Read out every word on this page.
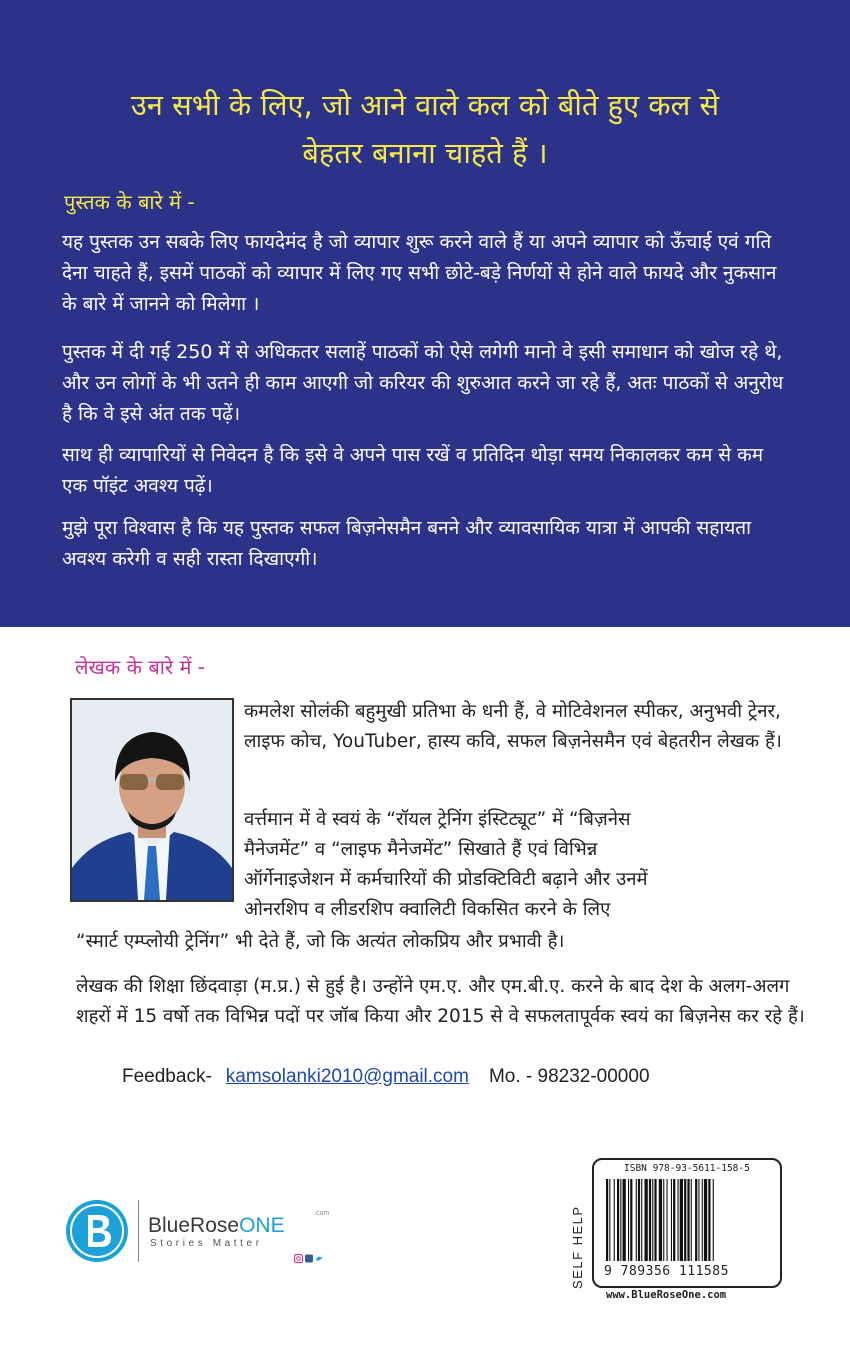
उन सभी के लिए, जो आने वाले कल को बीते हुए कल से
बेहतर बनाना चाहते हैं ।
पुस्तक के बारे में -
यह पुस्तक उन सबके लिए फायदेमंद है जो व्यापार शुरू करने वाले हैं या अपने व्यापार को ऊँचाई एवं गति देना चाहते हैं, इसमें पाठकों को व्यापार में लिए गए सभी छोटे-बड़े निर्णयों से होने वाले फायदे और नुकसान के बारे में जानने को मिलेगा ।
पुस्तक में दी गई 250 में से अधिकतर सलाहें पाठकों को ऐसे लगेगी मानो वे इसी समाधान को खोज रहे थे, और उन लोगों के भी उतने ही काम आएगी जो करियर की शुरुआत करने जा रहे हैं, अतः पाठकों से अनुरोध है कि वे इसे अंत तक पढ़ें।
साथ ही व्यापारियों से निवेदन है कि इसे वे अपने पास रखें व प्रतिदिन थोड़ा समय निकालकर कम से कम एक पॉइंट अवश्य पढ़ें।
मुझे पूरा विश्वास है कि यह पुस्तक सफल बिज़नेसमैन बनने और व्यावसायिक यात्रा में आपकी सहायता अवश्य करेगी व सही रास्ता दिखाएगी।
लेखक के बारे में -
कमलेश सोलंकी बहुमुखी प्रतिभा के धनी हैं, वे मोटिवेशनल स्पीकर, अनुभवी ट्रेनर, लाइफ कोच, YouTuber, हास्य कवि, सफल बिज़नेसमैन एवं बेहतरीन लेखक हैं।
वर्त्तमान में वे स्वयं के “रॉयल ट्रेनिंग इंस्टिट्यूट” में “बिज़नेस
मैनेजमेंट” व “लाइफ मैनेजमेंट” सिखाते हैं एवं विभिन्न
ऑर्गेनाइजेशन में कर्मचारियों की प्रोडक्टिविटी बढ़ाने और उनमें
ओनरशिप व लीडरशिप क्वालिटी विकसित करने के लिए
“स्मार्ट एम्प्लोयी ट्रेनिंग” भी देते हैं, जो कि अत्यंत लोकप्रिय और प्रभावी है।
लेखक की शिक्षा छिंदवाड़ा (म.प्र.) से हुई है। उन्होंने एम.ए. और एम.बी.ए. करने के बाद देश के अलग-अलग शहरों में 15 वर्षो तक विभिन्न पदों पर जॉब किया और 2015 से वे सफलतापूर्वक स्वयं का बिज़नेस कर रहे हैं।
Feedback- kamsolanki2010@gmail.com Mo. - 98232-00000
BlueRoseONE
.com
Stories Matter	SELF HELP
ISBN 978-93-5611-158-5
9 789356 111585
www.BlueRoseOne.com
